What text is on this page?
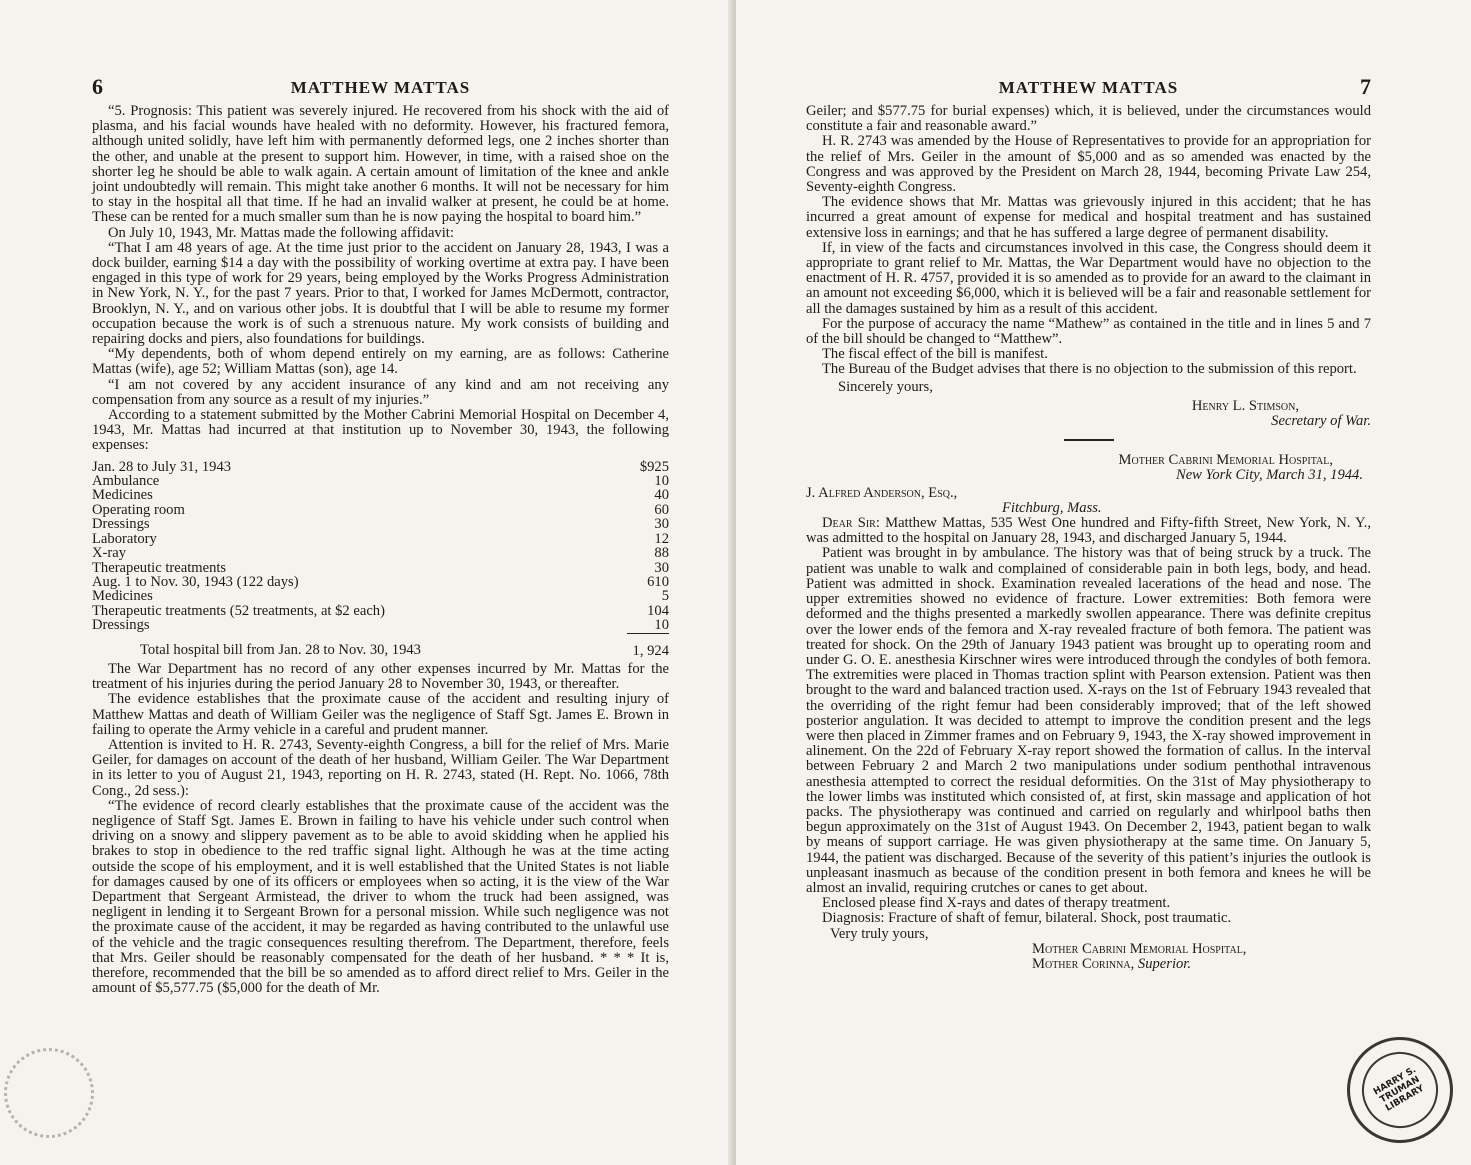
6	MATTHEW MATTAS

“5. Prognosis: This patient was severely injured. He recovered from his shock with the aid of plasma, and his facial wounds have healed with no deformity. However, his fractured femora, although united solidly, have left him with permanently deformed legs, one 2 inches shorter than the other, and unable at the present to support him. However, in time, with a raised shoe on the shorter leg he should be able to walk again. A certain amount of limitation of the knee and ankle joint undoubtedly will remain. This might take another 6 months. It will not be necessary for him to stay in the hospital all that time. If he had an invalid walker at present, he could be at home. These can be rented for a much smaller sum than he is now paying the hospital to board him.”

On July 10, 1943, Mr. Mattas made the following affidavit:

“That I am 48 years of age. At the time just prior to the accident on January 28, 1943, I was a dock builder, earning $14 a day with the possibility of working overtime at extra pay. I have been engaged in this type of work for 29 years, being employed by the Works Progress Administration in New York, N. Y., for the past 7 years. Prior to that, I worked for James McDermott, contractor, Brooklyn, N. Y., and on various other jobs. It is doubtful that I will be able to resume my former occupation because the work is of such a strenuous nature. My work consists of building and repairing docks and piers, also foundations for buildings.

“My dependents, both of whom depend entirely on my earning, are as follows: Catherine Mattas (wife), age 52; William Mattas (son), age 14.

“I am not covered by any accident insurance of any kind and am not receiving any compensation from any source as a result of my injuries.”

According to a statement submitted by the Mother Cabrini Memorial Hospital on December 4, 1943, Mr. Mattas had incurred at that institution up to November 30, 1943, the following expenses:

Jan. 28 to July 31, 1943	$925
Ambulance	10
Medicines	40
Operating room	60
Dressings	30
Laboratory	12
X-ray	88
Therapeutic treatments	30
Aug. 1 to Nov. 30, 1943 (122 days)	610
Medicines	5
Therapeutic treatments (52 treatments, at $2 each)	104
Dressings	10
Total hospital bill from Jan. 28 to Nov. 30, 1943	1, 924

The War Department has no record of any other expenses incurred by Mr. Mattas for the treatment of his injuries during the period January 28 to November 30, 1943, or thereafter.

The evidence establishes that the proximate cause of the accident and resulting injury of Matthew Mattas and death of William Geiler was the negligence of Staff Sgt. James E. Brown in failing to operate the Army vehicle in a careful and prudent manner.

Attention is invited to H. R. 2743, Seventy-eighth Congress, a bill for the relief of Mrs. Marie Geiler, for damages on account of the death of her husband, William Geiler. The War Department in its letter to you of August 21, 1943, reporting on H. R. 2743, stated (H. Rept. No. 1066, 78th Cong., 2d sess.):

“The evidence of record clearly establishes that the proximate cause of the accident was the negligence of Staff Sgt. James E. Brown in failing to have his vehicle under such control when driving on a snowy and slippery pavement as to be able to avoid skidding when he applied his brakes to stop in obedience to the red traffic signal light. Although he was at the time acting outside the scope of his employment, and it is well established that the United States is not liable for damages caused by one of its officers or employees when so acting, it is the view of the War Department that Sergeant Armistead, the driver to whom the truck had been assigned, was negligent in lending it to Sergeant Brown for a personal mission. While such negligence was not the proximate cause of the accident, it may be regarded as having contributed to the unlawful use of the vehicle and the tragic consequences resulting therefrom. The Department, therefore, feels that Mrs. Geiler should be reasonably compensated for the death of her husband. * * * It is, therefore, recommended that the bill be so amended as to afford direct relief to Mrs. Geiler in the amount of $5,577.75 ($5,000 for the death of Mr.

MATTHEW MATTAS	7

Geiler; and $577.75 for burial expenses) which, it is believed, under the circumstances would constitute a fair and reasonable award.”

H. R. 2743 was amended by the House of Representatives to provide for an appropriation for the relief of Mrs. Geiler in the amount of $5,000 and as so amended was enacted by the Congress and was approved by the President on March 28, 1944, becoming Private Law 254, Seventy-eighth Congress.

The evidence shows that Mr. Mattas was grievously injured in this accident; that he has incurred a great amount of expense for medical and hospital treatment and has sustained extensive loss in earnings; and that he has suffered a large degree of permanent disability.

If, in view of the facts and circumstances involved in this case, the Congress should deem it appropriate to grant relief to Mr. Mattas, the War Department would have no objection to the enactment of H. R. 4757, provided it is so amended as to provide for an award to the claimant in an amount not exceeding $6,000, which it is believed will be a fair and reasonable settlement for all the damages sustained by him as a result of this accident.

For the purpose of accuracy the name “Mathew” as contained in the title and in lines 5 and 7 of the bill should be changed to “Matthew”.

The fiscal effect of the bill is manifest.

The Bureau of the Budget advises that there is no objection to the submission of this report.

Sincerely yours,

Henry L. Stimson,
Secretary of War.
Mother Cabrini Memorial Hospital,
New York City, March 31, 1944.
J. Alfred Anderson, Esq.,
Fitchburg, Mass.

Dear Sir: Matthew Mattas, 535 West One hundred and Fifty-fifth Street, New York, N. Y., was admitted to the hospital on January 28, 1943, and discharged January 5, 1944.

Patient was brought in by ambulance. The history was that of being struck by a truck. The patient was unable to walk and complained of considerable pain in both legs, body, and head. Patient was admitted in shock. Examination revealed lacerations of the head and nose. The upper extremities showed no evidence of fracture. Lower extremities: Both femora were deformed and the thighs presented a markedly swollen appearance. There was definite crepitus over the lower ends of the femora and X-ray revealed fracture of both femora. The patient was treated for shock. On the 29th of January 1943 patient was brought up to operating room and under G. O. E. anesthesia Kirschner wires were introduced through the condyles of both femora. The extremities were placed in Thomas traction splint with Pearson extension. Patient was then brought to the ward and balanced traction used. X-rays on the 1st of February 1943 revealed that the overriding of the right femur had been considerably improved; that of the left showed posterior angulation. It was decided to attempt to improve the condition present and the legs were then placed in Zimmer frames and on February 9, 1943, the X-ray showed improvement in alinement. On the 22d of February X-ray report showed the formation of callus. In the interval between February 2 and March 2 two manipulations under sodium penthothal intravenous anesthesia attempted to correct the residual deformities. On the 31st of May physiotherapy to the lower limbs was instituted which consisted of, at first, skin massage and application of hot packs. The physiotherapy was continued and carried on regularly and whirlpool baths then begun approximately on the 31st of August 1943. On December 2, 1943, patient began to walk by means of support carriage. He was given physiotherapy at the same time. On January 5, 1944, the patient was discharged. Because of the severity of this patient’s injuries the outlook is unpleasant inasmuch as because of the condition present in both femora and knees he will be almost an invalid, requiring crutches or canes to get about.

Enclosed please find X-rays and dates of therapy treatment.

Diagnosis: Fracture of shaft of femur, bilateral. Shock, post traumatic.

Very truly yours,

Mother Cabrini Memorial Hospital,
Mother Corinna, Superior.
HARRY S. TRUMAN LIBRARY
